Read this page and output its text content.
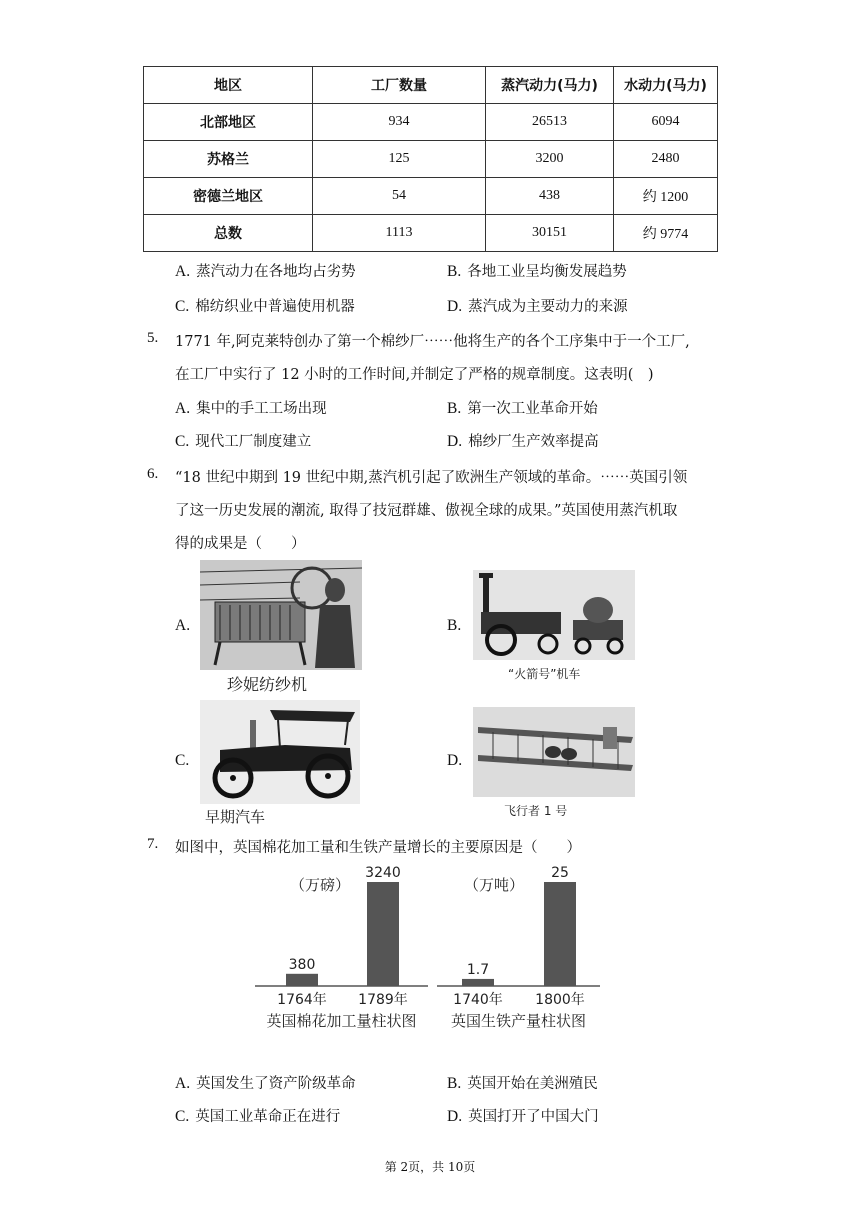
地区	工厂数量	蒸汽动力(马力)	水动力(马力)
北部地区	934	26513	6094
苏格兰	125	3200	2480
密德兰地区	54	438	约 1200
总数	1113	30151	约 9774
A. 蒸汽动力在各地均占劣势	B. 各地工业呈均衡发展趋势
C. 棉纺织业中普遍使用机器	D. 蒸汽成为主要动力的来源
5. 1771 年,阿克莱特创办了第一个棉纱厂⋯⋯他将生产的各个工序集中于一个工厂,
在工厂中实行了 12 小时的工作时间,并制定了严格的规章制度。这表明(　)
A. 集中的手工工场出现	B. 第一次工业革命开始
C. 现代工厂制度建立	D. 棉纱厂生产效率提高
6. “18 世纪中期到 19 世纪中期,蒸汽机引起了欧洲生产领域的革命。⋯⋯英国引领
了这一历史发展的潮流, 取得了技冠群雄、傲视全球的成果。”英国使用蒸汽机取
得的成果是（　　）
A.
珍妮纺纱机
B.
“火箭号”机车
C.
早期汽车
D.
飞行者 1 号
7. 如图中，英国棉花加工量和生铁产量增长的主要原因是（　　）
（万磅）
380
1764年
3240
1789年
英国棉花加工量柱状图
（万吨）
1.7
1740年
25
1800年
英国生铁产量柱状图
A. 英国发生了资产阶级革命	B. 英国开始在美洲殖民
C. 英国工业革命正在进行	D. 英国打开了中国大门
第 2页，共 10页
